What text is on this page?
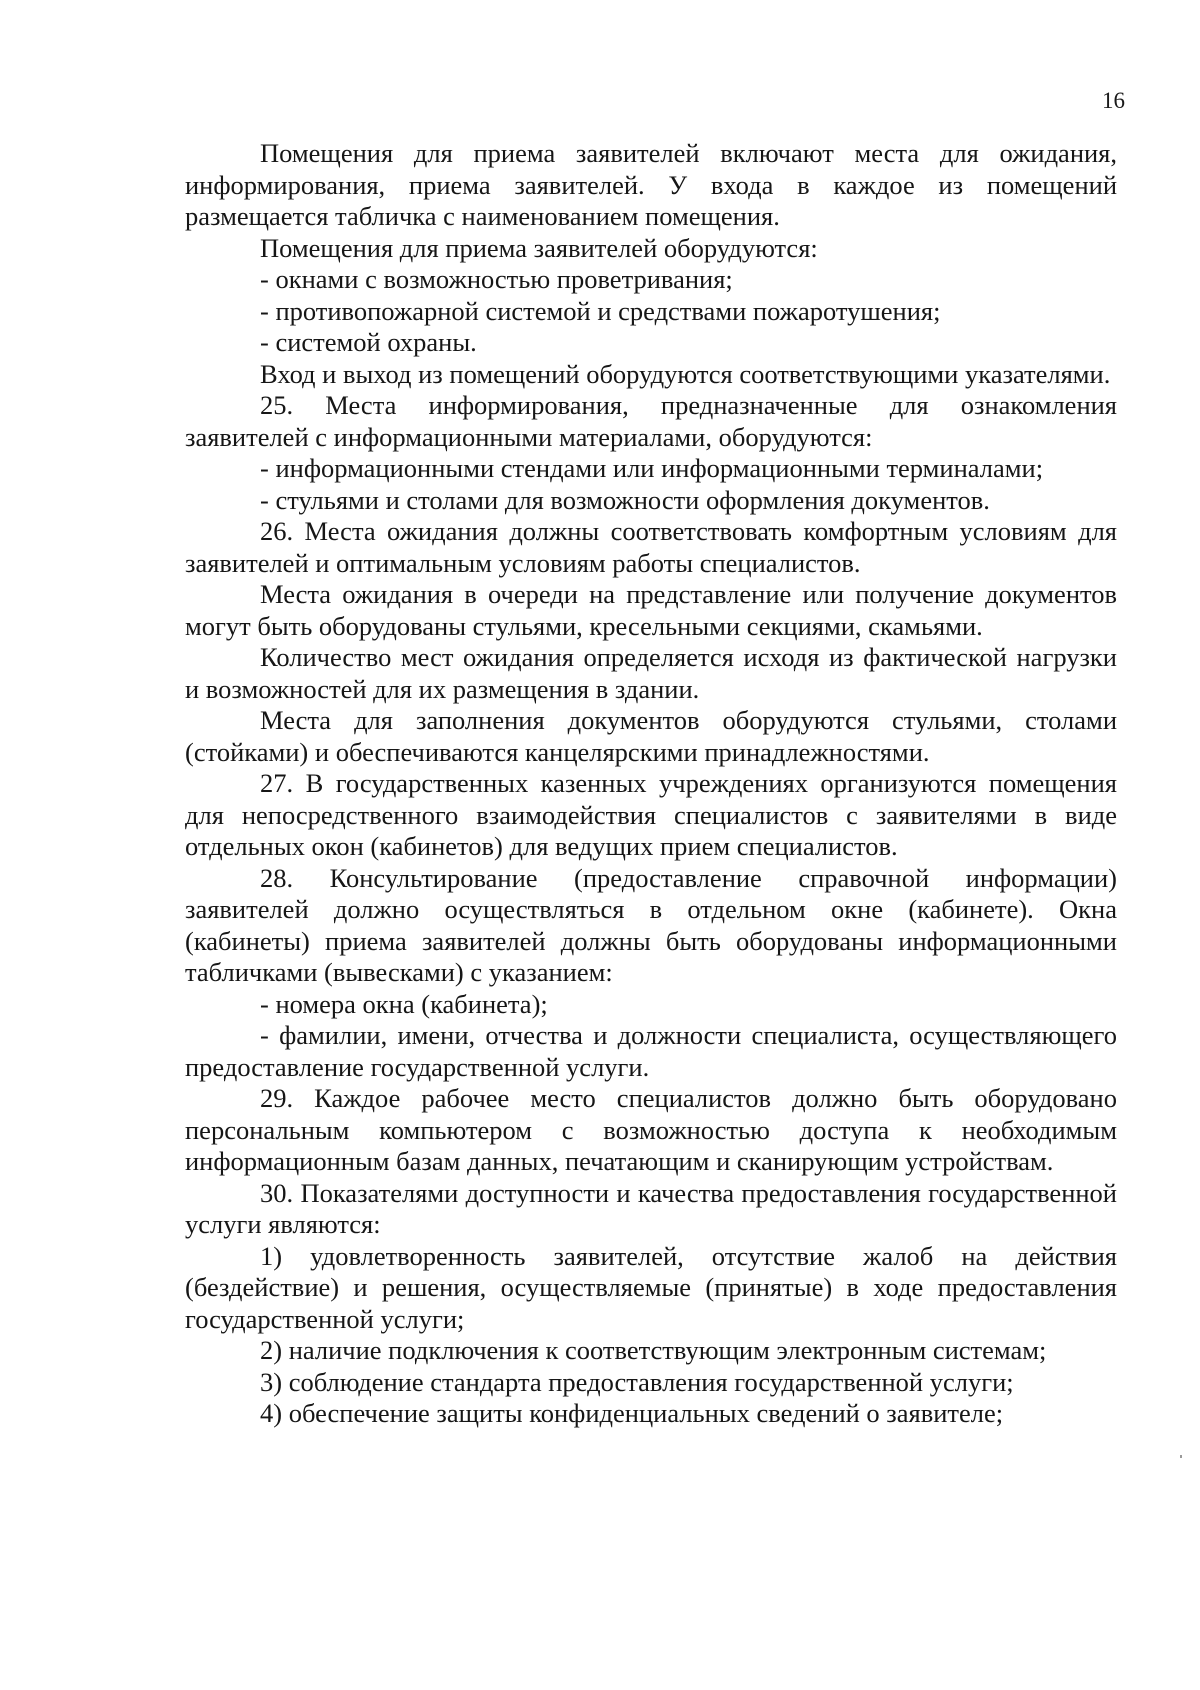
16

Помещения для приема заявителей включают места для ожидания, информирования, приема заявителей. У входа в каждое из помещений размещается табличка с наименованием помещения.

Помещения для приема заявителей оборудуются:

- окнами с возможностью проветривания;

- противопожарной системой и средствами пожаротушения;

- системой охраны.

Вход и выход из помещений оборудуются соответствующими указателями.

25. Места информирования, предназначенные для ознакомления заявителей с информационными материалами, оборудуются:

- информационными стендами или информационными терминалами;

- стульями и столами для возможности оформления документов.

26. Места ожидания должны соответствовать комфортным условиям для заявителей и оптимальным условиям работы специалистов.

Места ожидания в очереди на представление или получение документов могут быть оборудованы стульями, кресельными секциями, скамьями.

Количество мест ожидания определяется исходя из фактической нагрузки и возможностей для их размещения в здании.

Места для заполнения документов оборудуются стульями, столами (стойками) и обеспечиваются канцелярскими принадлежностями.

27. В государственных казенных учреждениях организуются помещения для непосредственного взаимодействия специалистов с заявителями в виде отдельных окон (кабинетов) для ведущих прием специалистов.

28. Консультирование (предоставление справочной информации) заявителей должно осуществляться в отдельном окне (кабинете). Окна (кабинеты) приема заявителей должны быть оборудованы информационными табличками (вывесками) с указанием:

- номера окна (кабинета);

- фамилии, имени, отчества и должности специалиста, осуществляющего предоставление государственной услуги.

29. Каждое рабочее место специалистов должно быть оборудовано персональным компьютером с возможностью доступа к необходимым информационным базам данных, печатающим и сканирующим устройствам.

30. Показателями доступности и качества предоставления государственной услуги являются:

1) удовлетворенность заявителей, отсутствие жалоб на действия (бездействие) и решения, осуществляемые (принятые) в ходе предоставления государственной услуги;

2) наличие подключения к соответствующим электронным системам;

3) соблюдение стандарта предоставления государственной услуги;

4) обеспечение защиты конфиденциальных сведений о заявителе;
